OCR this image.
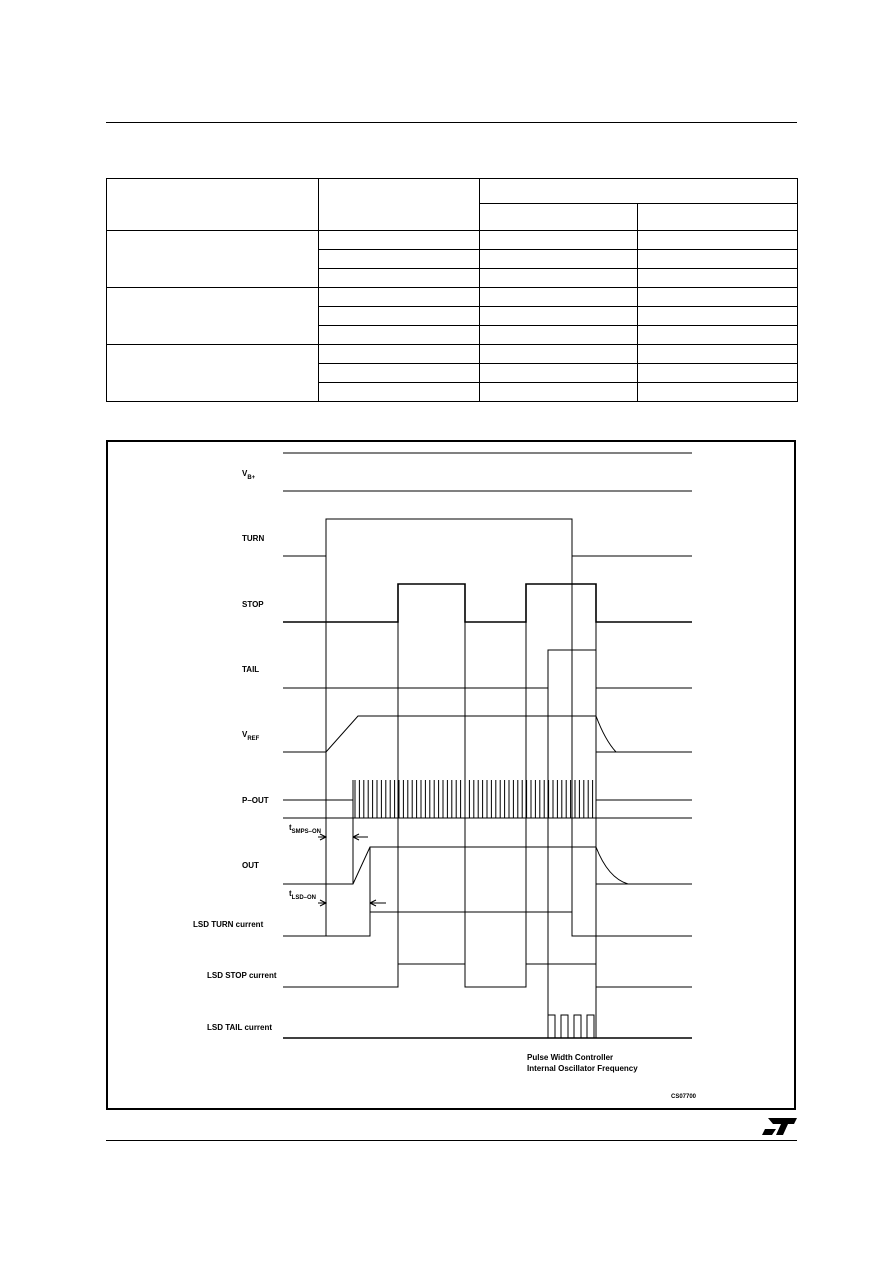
$V_{B+}$
TURN
STOP
TAIL
$V_{REF}$
P–OUT
OUT
LSD TURN current
LSD STOP current
LSD TAIL current
$t_{SMPS-ON}$
$t_{LSD-ON}$
Pulse Width Controller
Internal Oscillator Frequency
CS07700
ST
